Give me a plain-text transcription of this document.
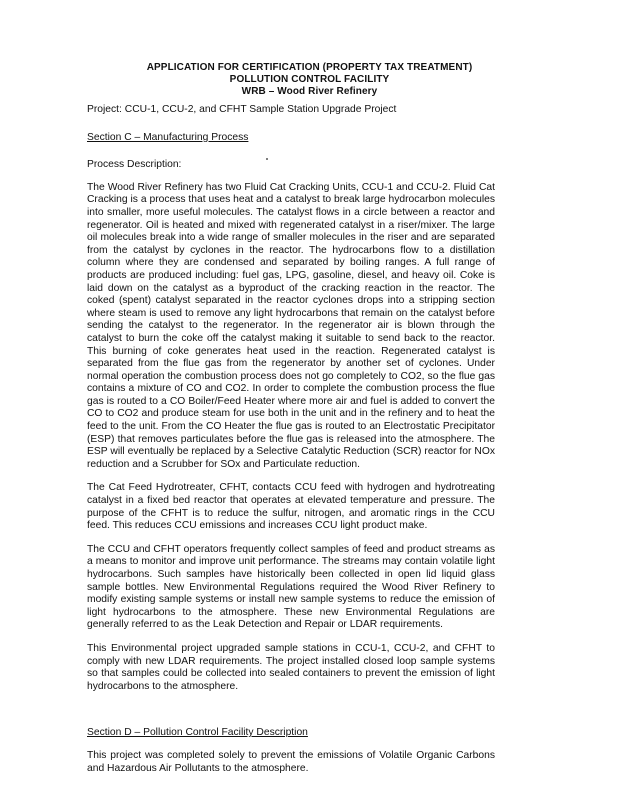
APPLICATION FOR CERTIFICATION (PROPERTY TAX TREATMENT)
POLLUTION CONTROL FACILITY
WRB – Wood River Refinery

Project: CCU-1, CCU-2, and CFHT Sample Station Upgrade Project

Section C – Manufacturing Process

Process Description:

The Wood River Refinery has two Fluid Cat Cracking Units, CCU-1 and CCU-2. Fluid Cat Cracking is a process that uses heat and a catalyst to break large hydrocarbon molecules into smaller, more useful molecules. The catalyst flows in a circle between a reactor and regenerator. Oil is heated and mixed with regenerated catalyst in a riser/mixer. The large oil molecules break into a wide range of smaller molecules in the riser and are separated from the catalyst by cyclones in the reactor. The hydrocarbons flow to a distillation column where they are condensed and separated by boiling ranges. A full range of products are produced including: fuel gas, LPG, gasoline, diesel, and heavy oil. Coke is laid down on the catalyst as a byproduct of the cracking reaction in the reactor. The coked (spent) catalyst separated in the reactor cyclones drops into a stripping section where steam is used to remove any light hydrocarbons that remain on the catalyst before sending the catalyst to the regenerator. In the regenerator air is blown through the catalyst to burn the coke off the catalyst making it suitable to send back to the reactor. This burning of coke generates heat used in the reaction. Regenerated catalyst is separated from the flue gas from the regenerator by another set of cyclones. Under normal operation the combustion process does not go completely to CO2, so the flue gas contains a mixture of CO and CO2. In order to complete the combustion process the flue gas is routed to a CO Boiler/Feed Heater where more air and fuel is added to convert the CO to CO2 and produce steam for use both in the unit and in the refinery and to heat the feed to the unit. From the CO Heater the flue gas is routed to an Electrostatic Precipitator (ESP) that removes particulates before the flue gas is released into the atmosphere. The ESP will eventually be replaced by a Selective Catalytic Reduction (SCR) reactor for NOx reduction and a Scrubber for SOx and Particulate reduction.

The Cat Feed Hydrotreater, CFHT, contacts CCU feed with hydrogen and hydrotreating catalyst in a fixed bed reactor that operates at elevated temperature and pressure. The purpose of the CFHT is to reduce the sulfur, nitrogen, and aromatic rings in the CCU feed. This reduces CCU emissions and increases CCU light product make.

The CCU and CFHT operators frequently collect samples of feed and product streams as a means to monitor and improve unit performance. The streams may contain volatile light hydrocarbons. Such samples have historically been collected in open lid liquid glass sample bottles. New Environmental Regulations required the Wood River Refinery to modify existing sample systems or install new sample systems to reduce the emission of light hydrocarbons to the atmosphere. These new Environmental Regulations are generally referred to as the Leak Detection and Repair or LDAR requirements.

This Environmental project upgraded sample stations in CCU-1, CCU-2, and CFHT to comply with new LDAR requirements. The project installed closed loop sample systems so that samples could be collected into sealed containers to prevent the emission of light hydrocarbons to the atmosphere.

Section D – Pollution Control Facility Description

This project was completed solely to prevent the emissions of Volatile Organic Carbons and Hazardous Air Pollutants to the atmosphere.
